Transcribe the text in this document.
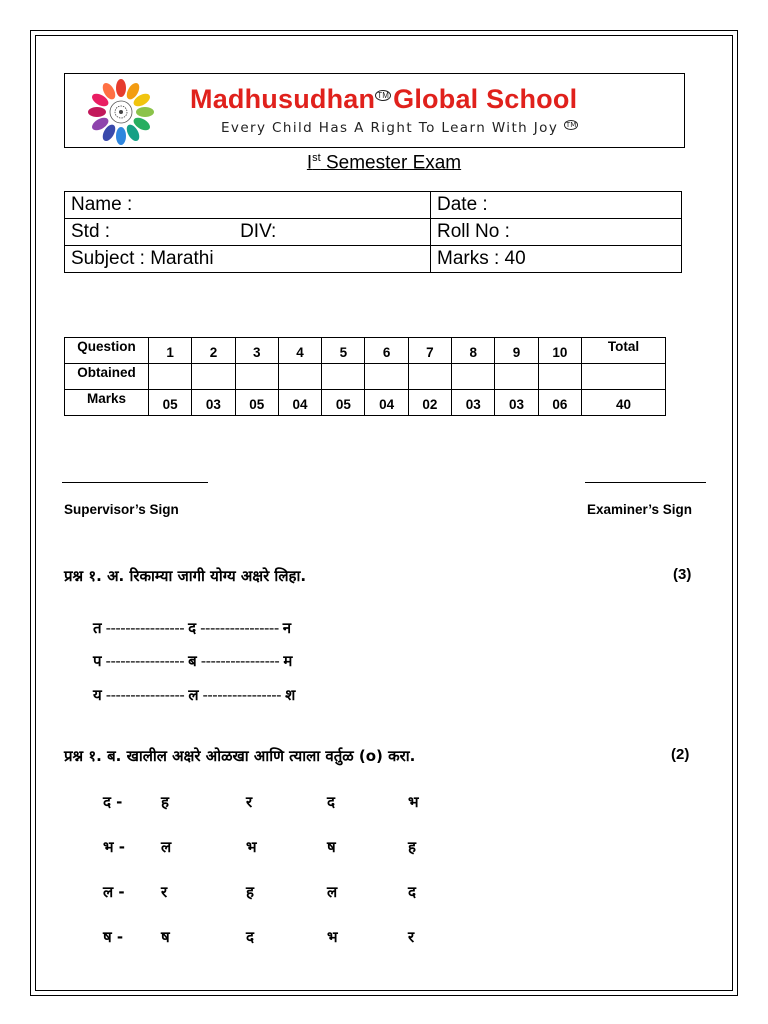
Madhusudhan ™ Global School
Every Child Has A Right To Learn With Joy ™
Ist Semester Exam
Name :	Date :
Std : DIV:	Roll No :
Subject : Marathi	Marks : 40
Question	1	2	3	4	5	6	7	8	9	10	Total
Obtained											
Marks	05	03	05	04	05	04	02	03	03	06	40
Supervisor’s Sign	Examiner’s Sign
प्रश्न १. अ. रिकाम्या जागी योग्य अक्षरे लिहा.	(3)
त ---------------- द ---------------- न
प ---------------- ब ---------------- म
य ---------------- ल ---------------- श
प्रश्न १. ब. खालील अक्षरे ओळखा आणि त्याला वर्तुळ (o) करा.	(2)
द -	ह	र	द	भ
भ - ल	भ	ष	ह
ल - र	ह	ल	द
ष -	ष	द	भ	र
